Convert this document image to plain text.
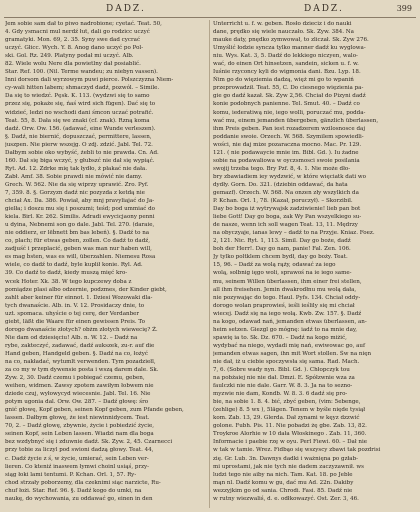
DADZ.	DADZ.	399
Jem sobie sam dał to piwo nadrobione; cyetać. Teat. 50,
4. Gdy ysmacni mul nerdź łut, dali go rodzicc uczyć
gramatyki. Mon. 69, 2. 35. Syny swe dad cycrać
uczyć. Głicc. Wych. Y. 8. Anog dano uczyć po Pol-
ski. Gol. Rz. 249. Platyny podał mi uczyć. Alb.
82. Wiele wolu Nere dla powietlny dał posiablić.
Star. Ref. 100. (Nil. Terme wandeu; zu niebyn vassen).
Inni dorsom dali wyrzowym puwi pierce. Polszczyzna Niem-
cy-wali hitten labem; shmaczyd dadź, pozwól. – Simile.
Da się to wiedzć. Pęsk. K. 113. (wydzwi się to samo
przez się, pokaże się, ńaś wird sich fügen). Dać się to
widzieć, ledzi no wschodi dani śmcon uczać potrafić.
Teat. 55, 8. Dała się we znaki (cf. znak). Rzną koma
dadź. Orw. Ow. 156. (adawać, eine Wunde verleszen).
§. Dadź, nie biernić, dopuszczać, permittere, lassen,
juszpen. Nie pierw wszejg. O zdj. zdzić. Jabl. Tel. 72.
Dałbym sobie oko wybyść, żebli to nie prawda. Cn. Ad.
160. Dał się biga wczyć, y głubszć nie dał się wypiąć.
Ryt. Ad. 12. Zdrke mię tak łydło, ż płakać nie dała.
Zabł. Amf. 38. Sobie prawdi nie mówić nie damy.
Grech. W. 562. Nie da się wiprzy uprawić. Zro. Pyf.
7, 359. 8. §. Gorzyzn dadź nic pozyzda z ketdą nie
chciał Ax. Da. 386. Powiał, aby mnj pravyliajać do Ja-
gielła; i doszu mu się i poszumi; teśd; pod ummiać do
kiela. Birl. Kr. 262. Similis. Adradi ewycicjaony penni
u dyina, Nebnemi son go dale. Jabl. Tel. 270. (daraie,
nie oddierz, er lēḃnett ḃm bas lebeń). §. Dadź to na
co, plach; für etwas geben, zollen. Co dadź to dadź,
zadjuść i przeplacić, geben was man nur haben will,
es mag ḃsten, was es will, überzahlen. Niemesu Rosa
wiele, co dadź to dadź, byle kuplił konie. Ryl. Ad.
39. Co dadź to dadź, kiedy muszą mięć kro-
wcek Hoter. Xk. 38. W tego kupczewy doba z
pomiądze plasi albo odzernie, podzmes, der Kinder giebt,
zahlt aber keiner für einnot. 1. Dziesi Wozowaki dla-
tych dwanaście. Alb. in. V. 12. Prosidaczy dnie, to
uzt. spomaca. uhyście o tej cerę, der Verdanber
giebt, läßt die Waare für einen gewissen Preis. To
dorogo dwanaście złotych? obżm złotych wiewecię? Ż.
Nie dam od dziesięciu! Alb. n. W. 12. – Dadź na
rybe, zakteczyć, zadawać, dadź aukszek, zu-r. auf die
Hand geben, Handgeld geben. §. Dadź na co, łożyć
na co, nakładać, wytumlt verwenden. Tym pozadziełl,
za co my w tym dywensie posta i wszą darem dale. Sk.
Zyw. 2, 30. Dadź czemu i pobiegać czemu, geben,
weihen, widmen. Zawsy zpotem zawiłym łobwem nie
dziede czuj, wyłowycyd wiecesnie. Jabl. Tel. 16. Nie
potym ugonia dal. Orw. Ow. 287. – Dadź głowę: śro
gnić głowę, Kopf geben, seinen Kopf geben, zum Pfande geben,
lassen. Dałbym głowę, że iest niewinnidycem. Teat.
70, 2. – Dadź głowę, zbywnie, życie i pobiedzić życie,
seinen Kopf, sein Leben lassen. Wiadzi nam dla boga
bez wzdybnyć się i zduwnie dadź. Sk. Zyw. 2, 45. Czarnecci
przy tobie za liczyl pod swioni dadzą głowy. Teat. 44,
c. Dadź życie z ś, w życie, umierać, sein Leben ver-
lieren. Co kteniź inaswem łymwi choinl usiąś, przy-
siąg łoki lami tentumi. P. Kchan. Orl. 1, 57. Ry-
chod strzały poborzemy, dla czeknimi siąc narzicte, Ru-
chuf łożi. Star. Ref. 96. §. Dadź kogo do umki, na
naukę, do wychowania, zu oddawać go, einen in den
Unterricht u. f. w. geben. Rosło dzieciz i do nauki
dane, prędko się wiele nauczało. Sk. Zyw. 384. Na
mauke daty, pnędko zymwował, to zliczał. Sk. Zyw 276.
Umyślić łodzie syncza tylko manner dadź ku wyglowa-
niu. Wys. Kat. 3, 5. Dadź do lekkiego niczyen, walo-
wać, do einen Ort hinsetzen, sandein, sicken u. f. w.
Iuśnie rzyconcy kyli do wigmonia dani. Bzu. Lyp. 18.
Ńim go do więziemia dadzą, więż mi go to wpaniń
przeprowadził. Teat. 55, C. Do ciesnego więzienia pa-
gie go dadź kazał. Sk. Zyw 2,56. Chciał do Pizyni dadź
konie podobnych panienne. Tel. Smut. 40. – Dadź co
komu, iederatiwą nie, iego wolli, poruczać mu, podda-
wać mu, einem jemanden übergeben, gänzlich überlassen,
ihm Preis geben. Pan iest rozadzerem wzilosnosce daj
poddanie swoie. Orzech. W. 568. Szymilem spowiedli-
wości, nie daj mize pozaraczna mocno. Mac. Pr. 129.
121. ( nie podawaycie mnie im. Bibl. Gd. ). Iu żadne
sobie na podawaliowa w oyczsmosci swoie posilania
swojij trzeba tego. Bry Pzf. 8, 4. 1. Nie może dło-
bry zbawiadiem iey wydzwić, w które więciatk dati wo
dydły. Gorn. Do. 321. (dziebin oddawać, da hata
gemazf). Orzech. W. 568. Na onzen zły wszylkich da
P. Kchan. Orl. 1, 78. (Kazał, poruczył). – Skorzibil.
Day bo boga iż wytrywajsk zadziwienie! lieb pan bot
liebe Gott! Day go boga, zak Wy Pan wszyelkiego su-
de nasze, wenn ich soll wagen Teat. 13, 11. Mędrzy
na obyczyaje, ianas lewy – dadź to na Przyje. Kniaz. Foez.
2, 121. Nic. Ryt. 1, 113. Simil. Day go boże, dadź
boh der Herr!. Day go nam, panie! Fal. Zen. 106.
Jy tylko poltklem chcem bydł, day go boży. Teat.
15, 96. – Dadź za wolą rąży, odawać za iego
wolą, solbnig ięgo woli, sprawoś na ie iego same-
mu, seinem Willen überlassen, ihm einer frei stellen,
all ihm freisehen. Jemin dwakrodłnu mu wolą dała,
nie pozywając do tego. Haul. Pyfs. 134. Chciał oddy-
dorogo wolan praprowieś, ieśli ieślily się mi chciał
wiecej. Dadź się na iego wolą. Kwb. Zw. 157. §. Dadź
na kogo, odawad nań, jemanden etwas überlassen, an-
heim setzen. Giezgl go mógnę: iadź to na mnie day,
spawię ia to. Sk. Dz. 670. – Dadź na kogo miżić,
wydybać na niego, wydadi mię nań, ewiwowac go, auf
jemanden etwas sagen, ihn mit Wort stollen. Św na nięn
nie dał, iż u ciebie spoczywsła się sama. Rad. Mach.
7, 6. (Sobre wady nyn. Bibl. Gd. ). Chłopczyk tou
na pobżaiej nie nie dał. Dmzi. E. Spółzwnie wza za
faulczki nie nie dale. Garr. W. 8. 3. Ja na to sezno-
myzwie nie dam, Kondb. W. 8. 3. 6 dadź się pro-
bie, na sobie 1. 8. 4. bić, zbyć geben, (vim: 5ebenge,
(zehlige) 8. 5 wx ), 5lägen. Tenem w byśle nięde tysiął
kom. Zab. 13, 29. Glerda. Dał zynami w kęyz dzzwić
golone. Fubh. Pis. 11. Nie pobadzi żę gbe. Zab. 13, 82.
Troykroe Alorhie w 10 dała Włoskinego . Zab. 11, 360.
Informacie i paebie rzę w oyu. Perl Fiewi. 60. – Dał nie
w tak w tamie. Wrez. Fidbąo się wszyscy zbawi tak pozdrisi
zię. Gr. Lub. 3n. Dawnys dadki i ważnięna po gzłab-
mi uprostami, jak nie tych nie dadem zaczyzawnił. ws
ludzi tego nie aiby na nich. Tam. Kat. 18. po Jeble
mąn nl. Dadź komu w gu, dać mu Ad. 22n. Dakiby
wezzyjkim go od sania. Chrodi. Fasi. 85. Dadź nie
w rutny wiezwaliś, d. e. odłkowazyć. Ost. Zer. 3, 46.
